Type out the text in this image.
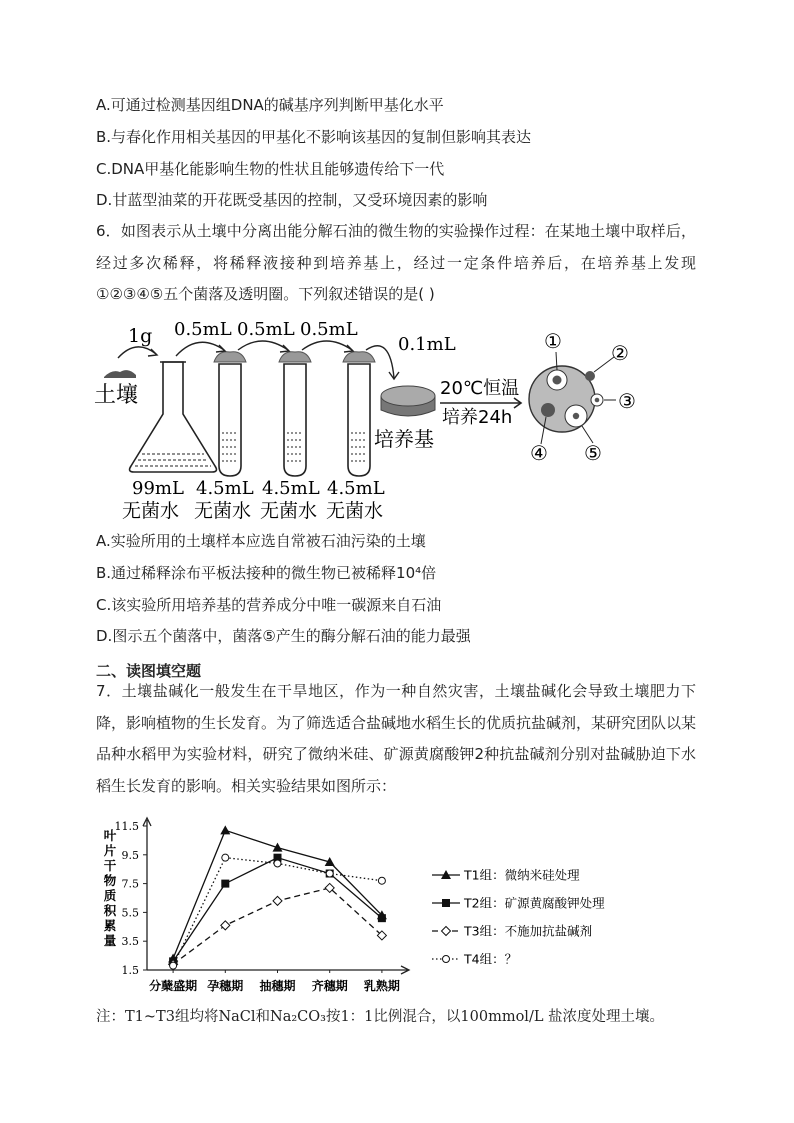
A.可通过检测基因组DNA的碱基序列判断甲基化水平
B.与春化作用相关基因的甲基化不影响该基因的复制但影响其表达
C.DNA甲基化能影响生物的性状且能够遗传给下一代
D.甘蓝型油菜的开花既受基因的控制，又受环境因素的影响
6．如图表示从土壤中分离出能分解石油的微生物的实验操作过程：在某地土壤中取样后，经过多次稀释，将稀释液接种到培养基上，经过一定条件培养后，在培养基上发现①②③④⑤五个菌落及透明圈。下列叙述错误的是( )
1g
土壤
99mL
无菌水
0.5mL 0.5mL 0.5mL
0.1mL
4.5mL 4.5mL 4.5mL
无菌水 无菌水 无菌水
培养基
20℃恒温
培养24h
① ②
③
④ ⑤
A.实验所用的土壤样本应选自常被石油污染的土壤
B.通过稀释涂布平板法接种的微生物已被稀释10⁴倍
C.该实验所用培养基的营养成分中唯一碳源来自石油
D.图示五个菌落中，菌落⑤产生的酶分解石油的能力最强
二、读图填空题
7．土壤盐碱化一般发生在干旱地区，作为一种自然灾害，土壤盐碱化会导致土壤肥力下降，影响植物的生长发育。为了筛选适合盐碱地水稻生长的优质抗盐碱剂，某研究团队以某品种水稻甲为实验材料，研究了微纳米硅、矿源黄腐酸钾2种抗盐碱剂分别对盐碱胁迫下水稻生长发育的影响。相关实验结果如图所示：
1.5
3.5
5.5
7.5
9.5
11.5
分蘖盛期 孕穗期 抽穗期 齐穗期 乳熟期
叶
片
干
物
质
积
累
量
T1组：微纳米硅处理
T2组：矿源黄腐酸钾处理
T3组：不施加抗盐碱剂
T4组：？
注：T1~T3组均将NaCl和Na₂CO₃按1：1比例混合，以100mmol/L 盐浓度处理土壤。
